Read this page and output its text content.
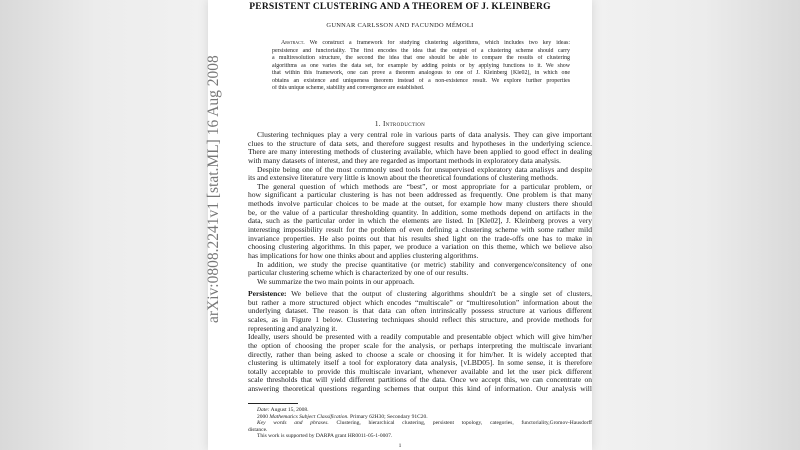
arXiv:0808.2241v1 [stat.ML] 16 Aug 2008
PERSISTENT CLUSTERING AND A THEOREM OF J. KLEINBERG
GUNNAR CARLSSON AND FACUNDO MÉMOLI
Abstract. We construct a framework for studying clustering algorithms, which includes two key ideas:
persistence and functoriality. The first encodes the idea that the output of a clustering scheme should carry
a multiresolution structure, the second the idea that one should be able to compare the results of clustering
algorithms as one varies the data set, for example by adding points or by applying functions to it. We show
that within this framework, one can prove a theorem analogous to one of J. Kleinberg [Kle02], in which one
obtains an existence and uniqueness theorem instead of a non-existence result. We explore further properties
of this unique scheme, stability and convergence are established.
1. Introduction
Clustering techniques play a very central role in various parts of data analysis. They can give important
clues to the structure of data sets, and therefore suggest results and hypotheses in the underlying science.
There are many interesting methods of clustering available, which have been applied to good effect in dealing
with many datasets of interest, and they are regarded as important methods in exploratory data analysis.
Despite being one of the most commonly used tools for unsupervised exploratory data analisys and despite
its and extensive literature very little is known about the theoretical foundations of clustering methods.
The general question of which methods are “best”, or most appropriate for a particular problem, or
how significant a particular clustering is has not been addressed as frequently. One problem is that many
methods involve particular choices to be made at the outset, for example how many clusters there should
be, or the value of a particular thresholding quantity. In addition, some methods depend on artifacts in the
data, such as the particular order in which the elements are listed. In [Kle02], J. Kleinberg proves a very
interesting impossibility result for the problem of even defining a clustering scheme with some rather mild
invariance properties. He also points out that his results shed light on the trade-offs one has to make in
choosing clustering algorithms. In this paper, we produce a variation on this theme, which we believe also
has implications for how one thinks about and applies clustering algorithms.
In addition, we study the precise quantitative (or metric) stability and convergence/consitency of one
particular clustering scheme which is characterized by one of our results.
We summarize the two main points in our approach.
Persistence: We believe that the output of clustering algorithms shouldn't be a single set of clusters,
but rather a more structured object which encodes “multiscale” or “multiresolution” information about the
underlying dataset. The reason is that data can often intrinsically possess structure at various different
scales, as in Figure 1 below. Clustering techniques should reflect this structure, and provide methods for
representing and analyzing it.
Ideally, users should be presented with a readily computable and presentable object which will give him/her
the option of choosing the proper scale for the analysis, or perhaps interpreting the multiscale invariant
directly, rather than being asked to choose a scale or choosing it for him/her. It is widely accepted that
clustering is ultimately itself a tool for exploratory data analysis, [vLBD05]. In some sense, it is therefore
totally acceptable to provide this multiscale invariant, whenever available and let the user pick different
scale thresholds that will yield different partitions of the data. Once we accept this, we can concentrate on
answering theoretical questions regarding schemes that output this kind of information. Our analysis will
Date: August 15, 2008.
2000 Mathematics Subject Classification. Primary 62H30; Secondary 91C20.
Key words and phrases. Clustering, hierarchical clustering, persistent topology, categories, functoriality,Gromov-Hausdorff
distance.
This work is supported by DARPA grant HR0011-05-1-0007.
1
